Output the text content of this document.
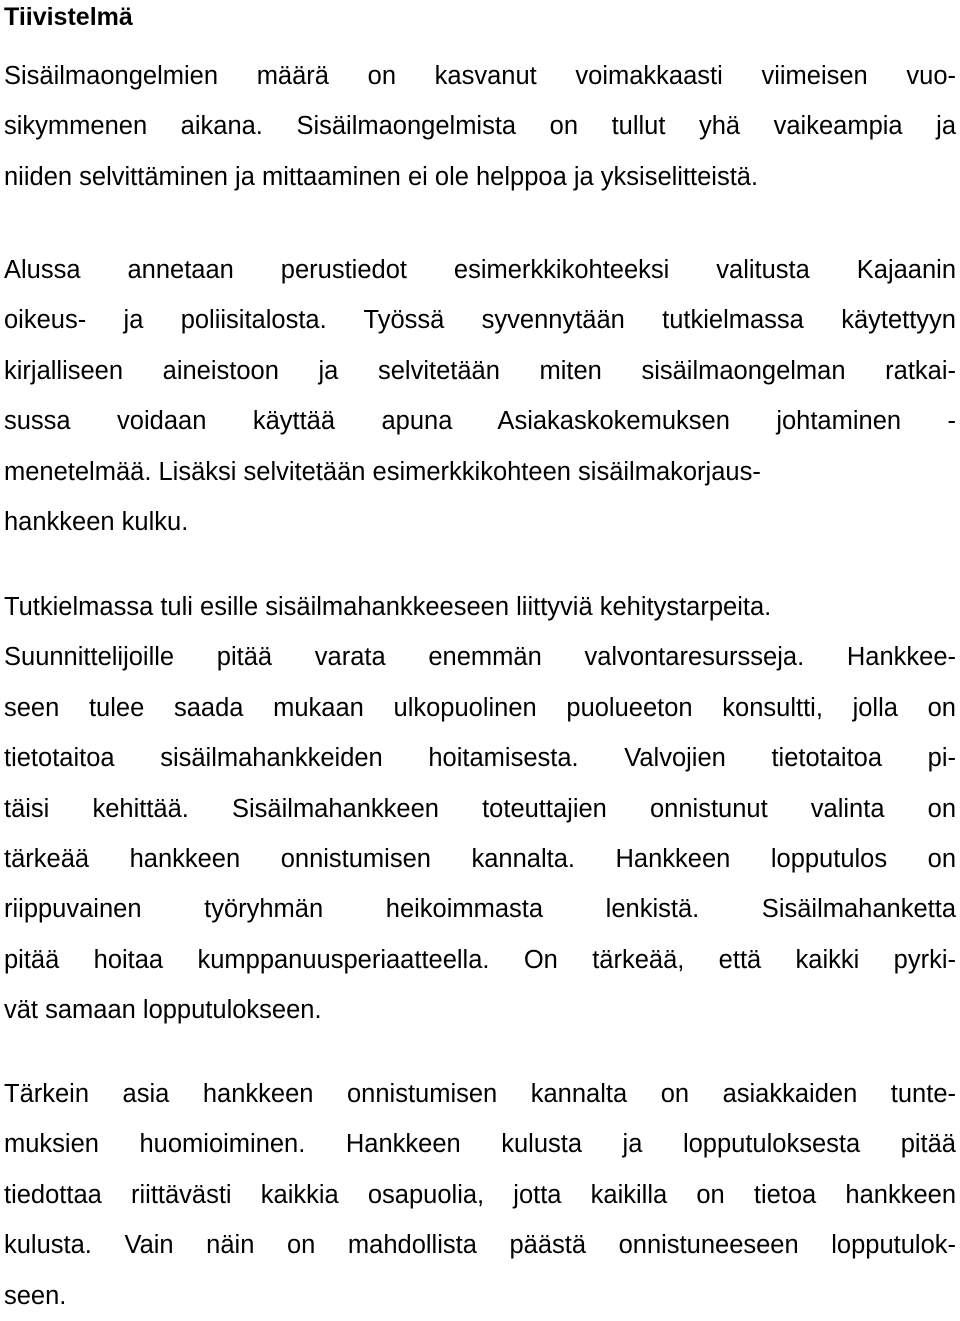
Tiivistelmä
Sisäilmaongelmien määrä on kasvanut voimakkaasti viimeisen vuo-
sikymmenen aikana. Sisäilmaongelmista on tullut yhä vaikeampia ja
niiden selvittäminen ja mittaaminen ei ole helppoa ja yksiselitteistä.
Alussa annetaan perustiedot esimerkkikohteeksi valitusta Kajaanin
oikeus- ja poliisitalosta. Työssä syvennytään tutkielmassa käytettyyn
kirjalliseen aineistoon ja selvitetään miten sisäilmaongelman ratkai-
sussa voidaan käyttää apuna Asiakaskokemuksen johtaminen -
menetelmää. Lisäksi selvitetään esimerkkikohteen sisäilmakorjaus-
hankkeen kulku.
Tutkielmassa tuli esille sisäilmahankkeeseen liittyviä kehitystarpeita.
Suunnittelijoille pitää varata enemmän valvontaresursseja. Hankkee-
seen tulee saada mukaan ulkopuolinen puolueeton konsultti, jolla on
tietotaitoa sisäilmahankkeiden hoitamisesta. Valvojien tietotaitoa pi-
täisi kehittää. Sisäilmahankkeen toteuttajien onnistunut valinta on
tärkeää hankkeen onnistumisen kannalta. Hankkeen lopputulos on
riippuvainen työryhmän heikoimmasta lenkistä. Sisäilmahanketta
pitää hoitaa kumppanuusperiaatteella. On tärkeää, että kaikki pyrki-
vät samaan lopputulokseen.
Tärkein asia hankkeen onnistumisen kannalta on asiakkaiden tunte-
muksien huomioiminen. Hankkeen kulusta ja lopputuloksesta pitää
tiedottaa riittävästi kaikkia osapuolia, jotta kaikilla on tietoa hankkeen
kulusta. Vain näin on mahdollista päästä onnistuneeseen lopputulok-
seen.
